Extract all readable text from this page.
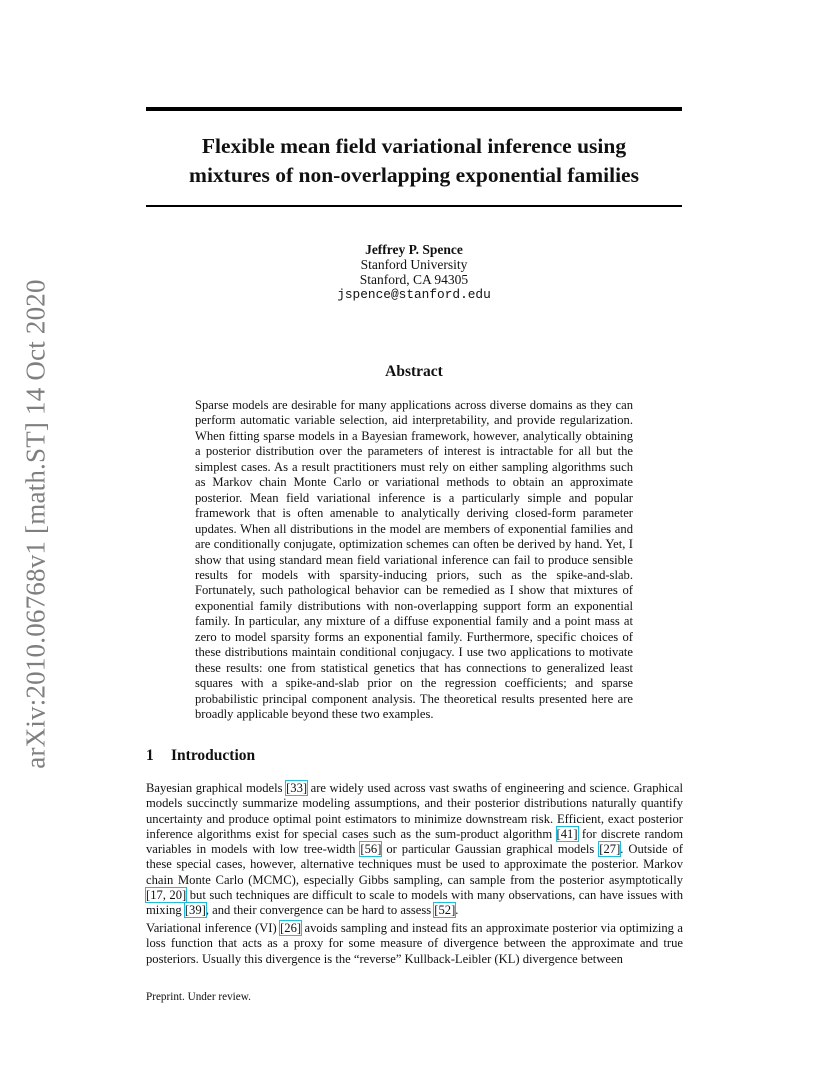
arXiv:2010.06768v1 [math.ST] 14 Oct 2020
Flexible mean field variational inference using
mixtures of non-overlapping exponential families
Jeffrey P. Spence
Stanford University
Stanford, CA 94305
jspence@stanford.edu
Abstract

Sparse models are desirable for many applications across diverse domains as they can perform automatic variable selection, aid interpretability, and provide regularization. When fitting sparse models in a Bayesian framework, however, analytically obtaining a posterior distribution over the parameters of interest is intractable for all but the simplest cases. As a result practitioners must rely on either sampling algorithms such as Markov chain Monte Carlo or variational methods to obtain an approximate posterior. Mean field variational inference is a particularly simple and popular framework that is often amenable to analytically deriving closed-form parameter updates. When all distributions in the model are members of exponential families and are conditionally conjugate, optimization schemes can often be derived by hand. Yet, I show that using standard mean field variational inference can fail to produce sensible results for models with sparsity-inducing priors, such as the spike-and-slab. Fortunately, such pathological behavior can be remedied as I show that mixtures of exponential family distributions with non-overlapping support form an exponential family. In particular, any mixture of a diffuse exponential family and a point mass at zero to model sparsity forms an exponential family. Furthermore, specific choices of these distributions maintain conditional conjugacy. I use two applications to motivate these results: one from statistical genetics that has connections to generalized least squares with a spike-and-slab prior on the regression coefficients; and sparse probabilistic principal component analysis. The theoretical results presented here are broadly applicable beyond these two examples.

1 Introduction

Bayesian graphical models [33] are widely used across vast swaths of engineering and science. Graphical models succinctly summarize modeling assumptions, and their posterior distributions naturally quantify uncertainty and produce optimal point estimators to minimize downstream risk. Efficient, exact posterior inference algorithms exist for special cases such as the sum-product algorithm [41] for discrete random variables in models with low tree-width [56] or particular Gaussian graphical models [27]. Outside of these special cases, however, alternative techniques must be used to approximate the posterior. Markov chain Monte Carlo (MCMC), especially Gibbs sampling, can sample from the posterior asymptotically [17, 20] but such techniques are difficult to scale to models with many observations, can have issues with mixing [39], and their convergence can be hard to assess [52].

Variational inference (VI) [26] avoids sampling and instead fits an approximate posterior via optimizing a loss function that acts as a proxy for some measure of divergence between the approximate and true posteriors. Usually this divergence is the “reverse” Kullback-Leibler (KL) divergence between

Preprint. Under review.
